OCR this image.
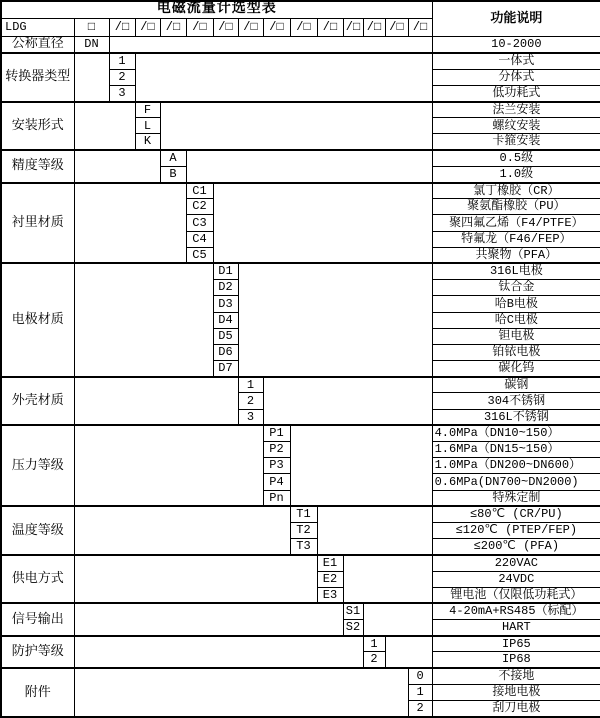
电磁流量计选型表															功能说明
LDG	□	/□	/□	/□	/□	/□	/□	/□	/□	/□	/□	/□	/□	/□	
公称直径	DN														10-2000
转换器类型		1													一体式
		2													分体式
		3													低功耗式
安装形式			F												法兰安装
			L												螺纹安装
			K												卡箍安装
精度等级				A											0.5级
				B											1.0级
衬里材质					C1										氯丁橡胶（CR）
					C2										聚氨酯橡胶（PU）
					C3										聚四氟乙烯（F4/PTFE）
					C4										特氟龙（F46/FEP）
					C5										共聚物（PFA）
电极材质						D1									316L电极
						D2									钛合金
						D3									哈B电极
						D4									哈C电极
						D5									钽电极
						D6									铂铱电极
						D7									碳化钨
外壳材质							1								碳钢
							2								304不锈钢
							3								316L不锈钢
压力等级								P1							4.0MPa（DN10~150）
								P2							1.6MPa（DN15~150）
								P3							1.0MPa（DN200~DN600）
								P4							0.6MPa(DN700~DN2000)
								Pn							特殊定制
温度等级									T1						≤80℃ (CR/PU)
									T2						≤120℃ (PTEP/FEP)
									T3						≤200℃ (PFA)
供电方式										E1					220VAC
										E2					24VDC
										E3					锂电池（仅限低功耗式）
信号输出											S1				4-20mA+RS485（标配）
											S2				HART
防护等级												1			IP65
												2			IP68
附件														0	不接地
														1	接地电极
														2	刮刀电极
